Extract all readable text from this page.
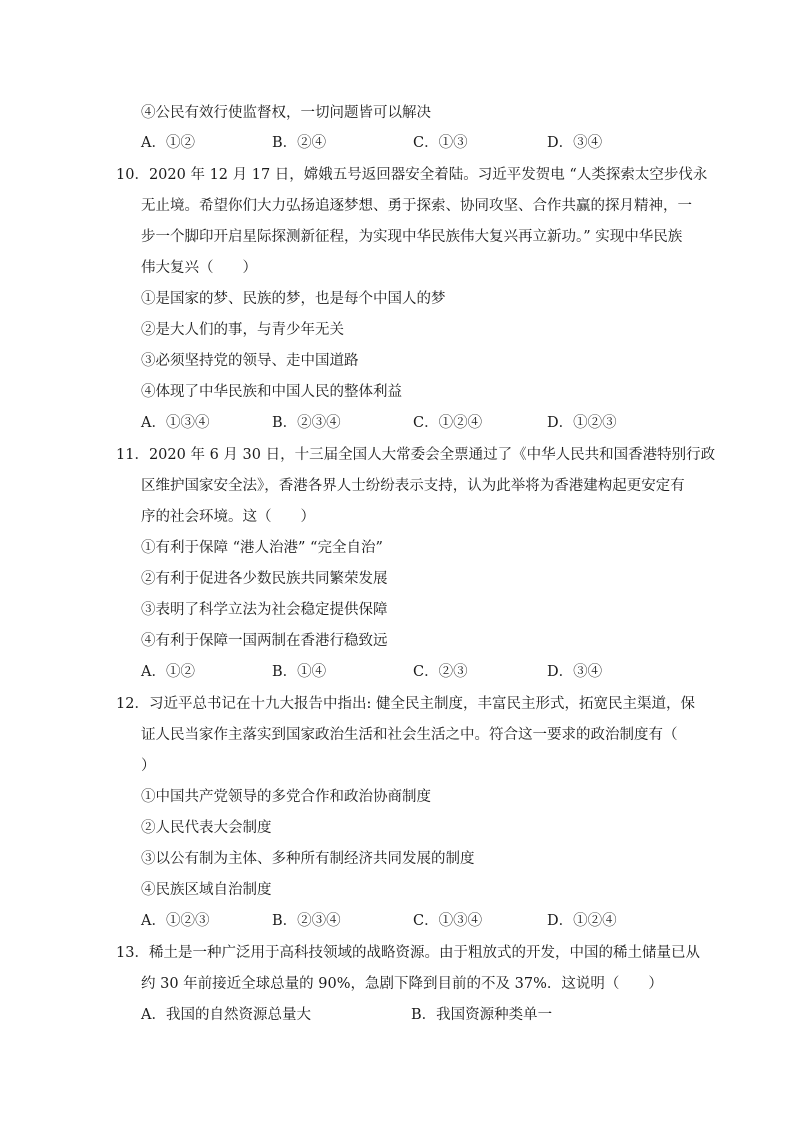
④公民有效行使监督权，一切问题皆可以解决
A．①②	B．②④	C．①③	D．③④
10．2020 年 12 月 17 日，嫦娥五号返回器安全着陆。习近平发贺电 “人类探索太空步伐永
无止境。希望你们大力弘扬追逐梦想、勇于探索、协同攻坚、合作共赢的探月精神，一
步一个脚印开启星际探测新征程，为实现中华民族伟大复兴再立新功。” 实现中华民族
伟大复兴（　　）
①是国家的梦、民族的梦，也是每个中国人的梦
②是大人们的事，与青少年无关
③必须坚持党的领导、走中国道路
④体现了中华民族和中国人民的整体利益
A．①③④	B．②③④	C．①②④	D．①②③
11．2020 年 6 月 30 日，十三届全国人大常委会全票通过了《中华人民共和国香港特别行政
区维护国家安全法》，香港各界人士纷纷表示支持，认为此举将为香港建构起更安定有
序的社会环境。这（　　）
①有利于保障 “港人治港” “完全自治”
②有利于促进各少数民族共同繁荣发展
③表明了科学立法为社会稳定提供保障
④有利于保障一国两制在香港行稳致远
A．①②	B．①④	C．②③	D．③④
12．习近平总书记在十九大报告中指出: 健全民主制度，丰富民主形式，拓宽民主渠道，保
证人民当家作主落实到国家政治生活和社会生活之中。符合这一要求的政治制度有（
）
①中国共产党领导的多党合作和政治协商制度
②人民代表大会制度
③以公有制为主体、多种所有制经济共同发展的制度
④民族区域自治制度
A．①②③	B．②③④	C．①③④	D．①②④
13．稀土是一种广泛用于高科技领域的战略资源。由于粗放式的开发，中国的稀土储量已从
约 30 年前接近全球总量的 90%，急剧下降到目前的不及 37%．这说明（　　）
A．我国的自然资源总量大	B．我国资源种类单一
